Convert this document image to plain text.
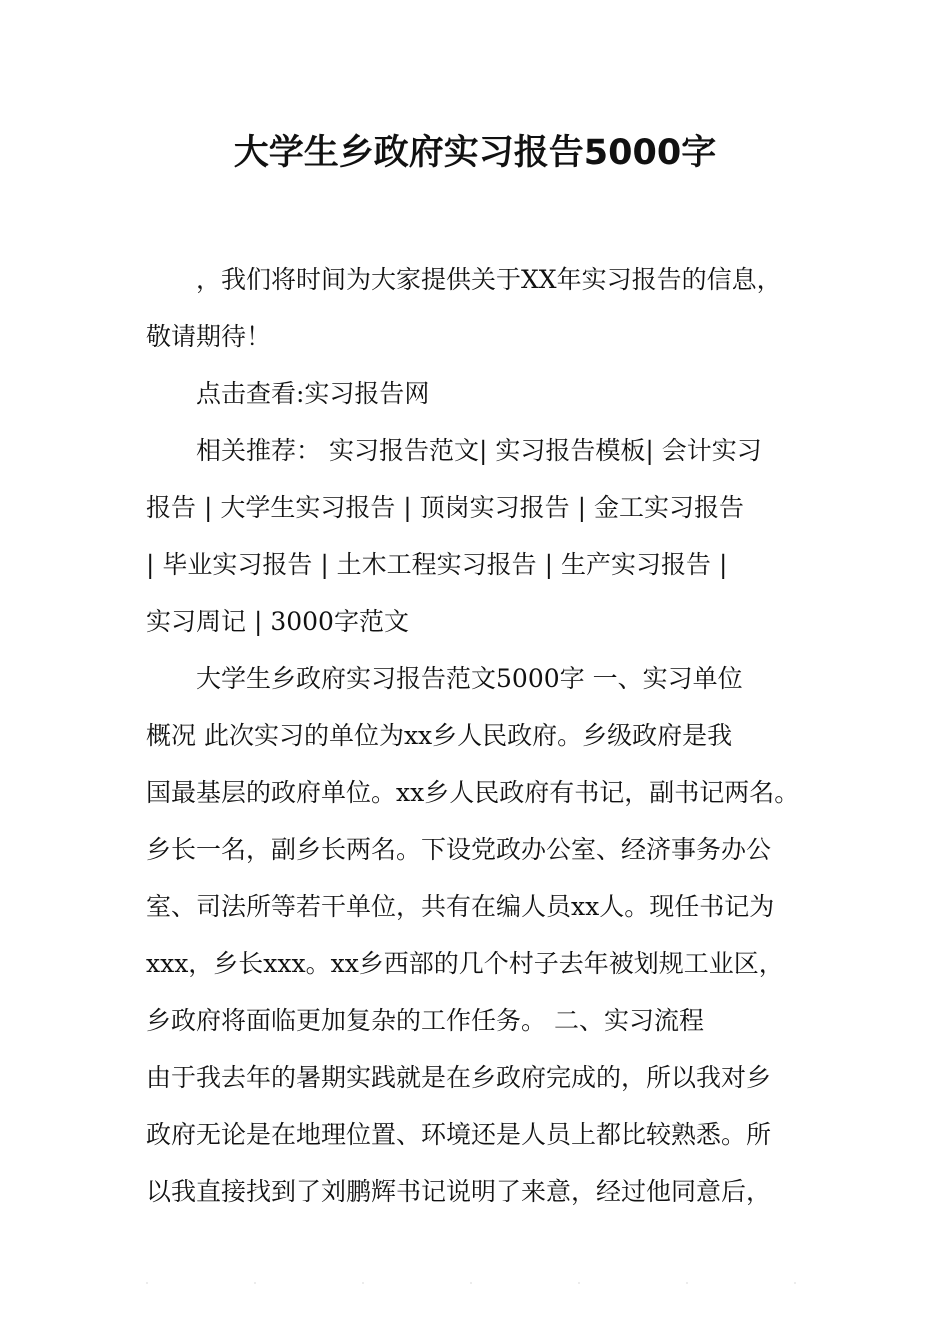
大学生乡政府实习报告5000字
，我们将时间为大家提供关于XX年实习报告的信息，
敬请期待！
点击查看:实习报告网
相关推荐： 实习报告范文| 实习报告模板| 会计实习
报告 | 大学生实习报告 | 顶岗实习报告 | 金工实习报告
| 毕业实习报告 | 土木工程实习报告 | 生产实习报告 |
实习周记 | 3000字范文
大学生乡政府实习报告范文5000字 一、实习单位
概况 此次实习的单位为xx乡人民政府。乡级政府是我
国最基层的政府单位。xx乡人民政府有书记，副书记两名。
乡长一名，副乡长两名。下设党政办公室、经济事务办公
室、司法所等若干单位，共有在编人员xx人。现任书记为
xxx，乡长xxx。xx乡西部的几个村子去年被划规工业区，
乡政府将面临更加复杂的工作任务。 二、实习流程
由于我去年的暑期实践就是在乡政府完成的，所以我对乡
政府无论是在地理位置、环境还是人员上都比较熟悉。所
以我直接找到了刘鹏辉书记说明了来意，经过他同意后，
